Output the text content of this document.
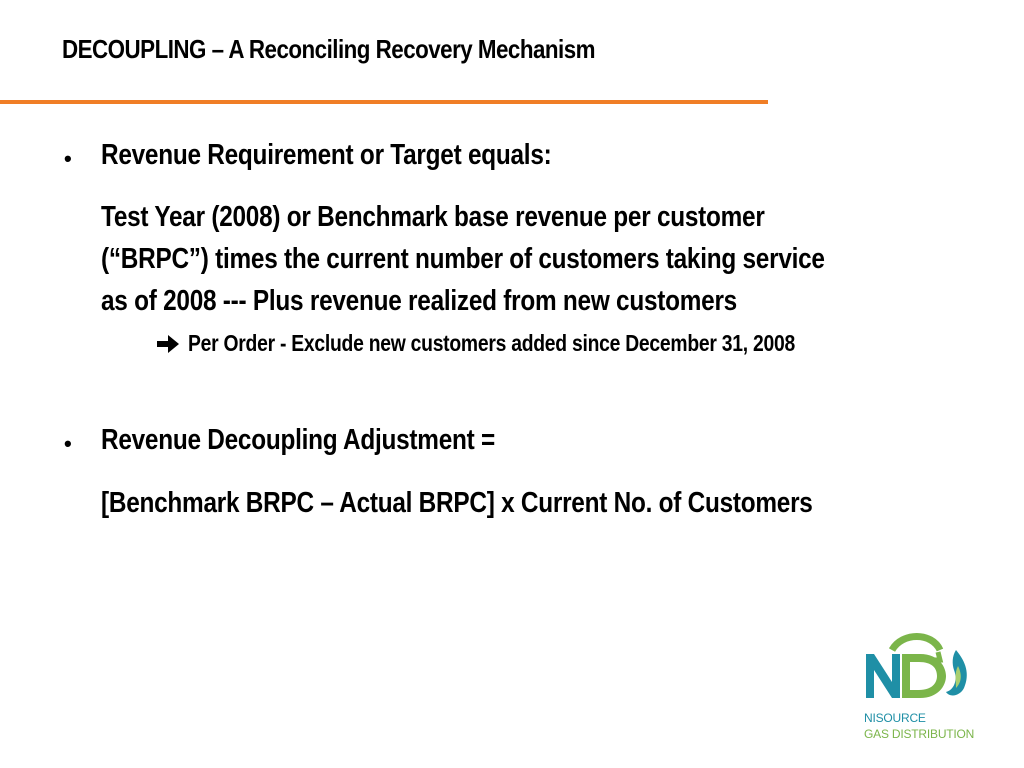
DECOUPLING – A Reconciling Recovery Mechanism
• Revenue Requirement or Target equals:
Test Year (2008) or Benchmark base revenue per customer
(“BRPC”) times the current number of customers taking service
as of 2008 --- Plus revenue realized from new customers
Per Order - Exclude new customers added since December 31, 2008
• Revenue Decoupling Adjustment =
[Benchmark BRPC – Actual BRPC] x Current No. of Customers
NISOURCE
GAS DISTRIBUTION
